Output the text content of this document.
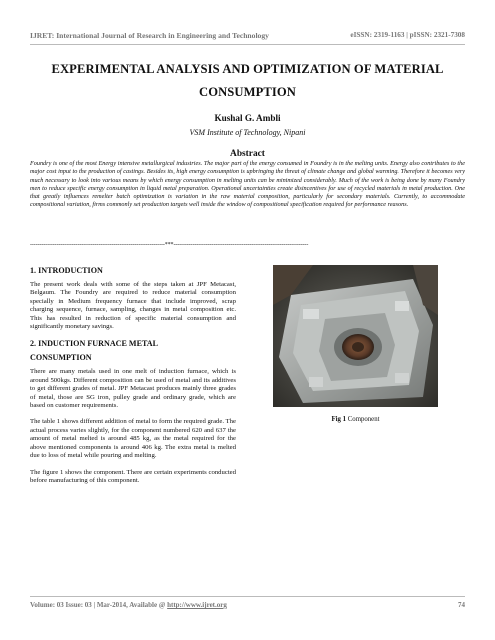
IJRET: International Journal of Research in Engineering and Technology	eISSN: 2319-1163 | pISSN: 2321-7308
EXPERIMENTAL ANALYSIS AND OPTIMIZATION OF MATERIAL
CONSUMPTION
Kushal G. Ambli
VSM Institute of Technology, Nipani
Abstract
Foundry is one of the most Energy intensive metallurgical industries. The major part of the energy consumed in Foundry is in the melting units. Energy also contributes to the major cost input to the production of castings. Besides its, high energy consumption is upbringing the threat of climate change and global warming. Therefore it becomes very much necessary to look into various means by which energy consumption in melting units can be minimized considerably. Much of the work is being done by many Foundry men to reduce specific energy consumption in liquid metal preparation. Operational uncertainties create disincentives for use of recycled materials in metal production. One that greatly influences remelter batch optimization is variation in the raw material composition, particularly for secondary materials. Currently, to accommodate compositional variation, firms commonly set production targets well inside the window of compositional specification required for performance reasons.
-----------------------------------------------------------------------***-----------------------------------------------------------------------
1. INTRODUCTION

The present work deals with some of the steps taken at JPF Metacast, Belgaum. The Foundry are required to reduce material consumption specially in Medium frequency furnace that include improved, scrap charging sequence, furnace, sampling, changes in metal composition etc. This has resulted in reduction of specific material consumption and significantly monetary savings.

2. INDUCTION FURNACE METAL
CONSUMPTION

There are many metals used in one melt of induction furnace, which is around 500kgs. Different composition can be used of metal and its additives to get different grades of metal. JPF Metacast produces mainly three grades of metal, those are SG iron, pulley grade and ordinary grade, which are based on customer requirements.

The table 1 shows different addition of metal to form the required grade. The actual process varies slightly, for the component numbered 620 and 637 the amount of metal melted is around 485 kg, as the metal required for the above mentioned components is around 406 kg. The extra metal is melted due to loss of metal while pouring and melting.

The figure 1 shows the component. There are certain experiments conducted before manufacturing of this component.

Fig 1 Component
Volume: 03 Issue: 03 | Mar-2014, Available @ http://www.ijret.org	74
